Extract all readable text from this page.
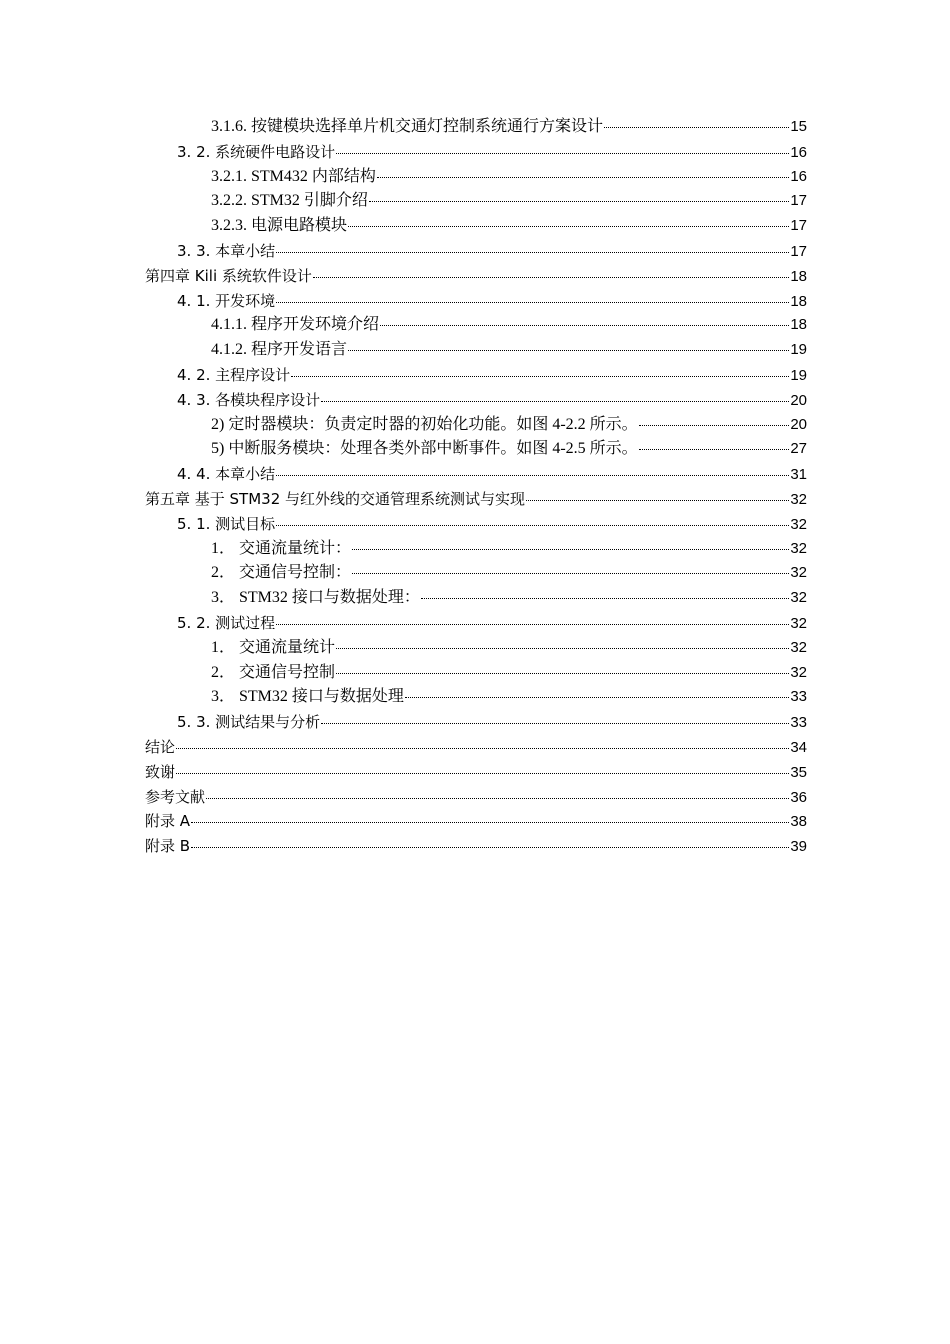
3.1.6. 按键模块选择单片机交通灯控制系统通行方案设计	15
3. 2. 系统硬件电路设计	16
3.2.1. STM432 内部结构	16
3.2.2. STM32 引脚介绍	17
3.2.3. 电源电路模块	17
3. 3. 本章小结	17
第四章 Kili 系统软件设计	18
4. 1. 开发环境	18
4.1.1. 程序开发环境介绍	18
4.1.2. 程序开发语言	19
4. 2. 主程序设计	19
4. 3. 各模块程序设计	20
2) 定时器模块：负责定时器的初始化功能。如图 4-2.2 所示。	20
5) 中断服务模块：处理各类外部中断事件。如图 4-2.5 所示。	27
4. 4. 本章小结	31
第五章 基于 STM32 与红外线的交通管理系统测试与实现	32
5. 1. 测试目标	32
1． 交通流量统计：	32
2． 交通信号控制：	32
3． STM32 接口与数据处理：	32
5. 2. 测试过程	32
1． 交通流量统计	32
2． 交通信号控制	32
3． STM32 接口与数据处理	33
5. 3. 测试结果与分析	33
结论	34
致谢	35
参考文献	36
附录 A	38
附录 B	39
